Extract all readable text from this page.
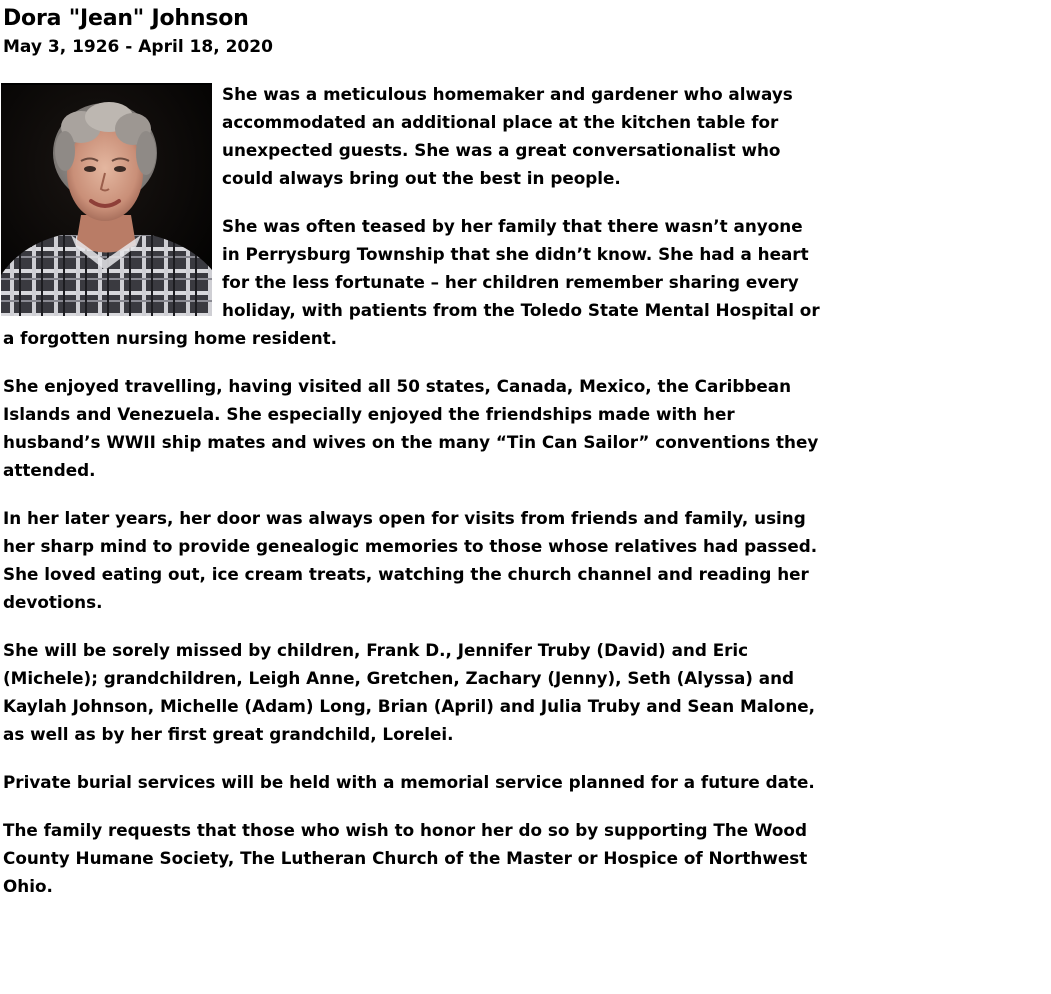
Dora "Jean" Johnson
May 3, 1926 - April 18, 2020

She was a meticulous homemaker and gardener who always accommodated an additional place at the kitchen table for unexpected guests. She was a great conversationalist who could always bring out the best in people.

She was often teased by her family that there wasn’t anyone in Perrysburg Township that she didn’t know. She had a heart for the less fortunate – her children remember sharing every holiday, with patients from the Toledo State Mental Hospital or a forgotten nursing home resident.

She enjoyed travelling, having visited all 50 states, Canada, Mexico, the Caribbean Islands and Venezuela. She especially enjoyed the friendships made with her husband’s WWII ship mates and wives on the many “Tin Can Sailor” conventions they attended.

In her later years, her door was always open for visits from friends and family, using her sharp mind to provide genealogic memories to those whose relatives had passed. She loved eating out, ice cream treats, watching the church channel and reading her devotions.

She will be sorely missed by children, Frank D., Jennifer Truby (David) and Eric (Michele); grandchildren, Leigh Anne, Gretchen, Zachary (Jenny), Seth (Alyssa) and Kaylah Johnson, Michelle (Adam) Long, Brian (April) and Julia Truby and Sean Malone, as well as by her first great grandchild, Lorelei.

Private burial services will be held with a memorial service planned for a future date.

The family requests that those who wish to honor her do so by supporting The Wood County Humane Society, The Lutheran Church of the Master or Hospice of Northwest Ohio.
